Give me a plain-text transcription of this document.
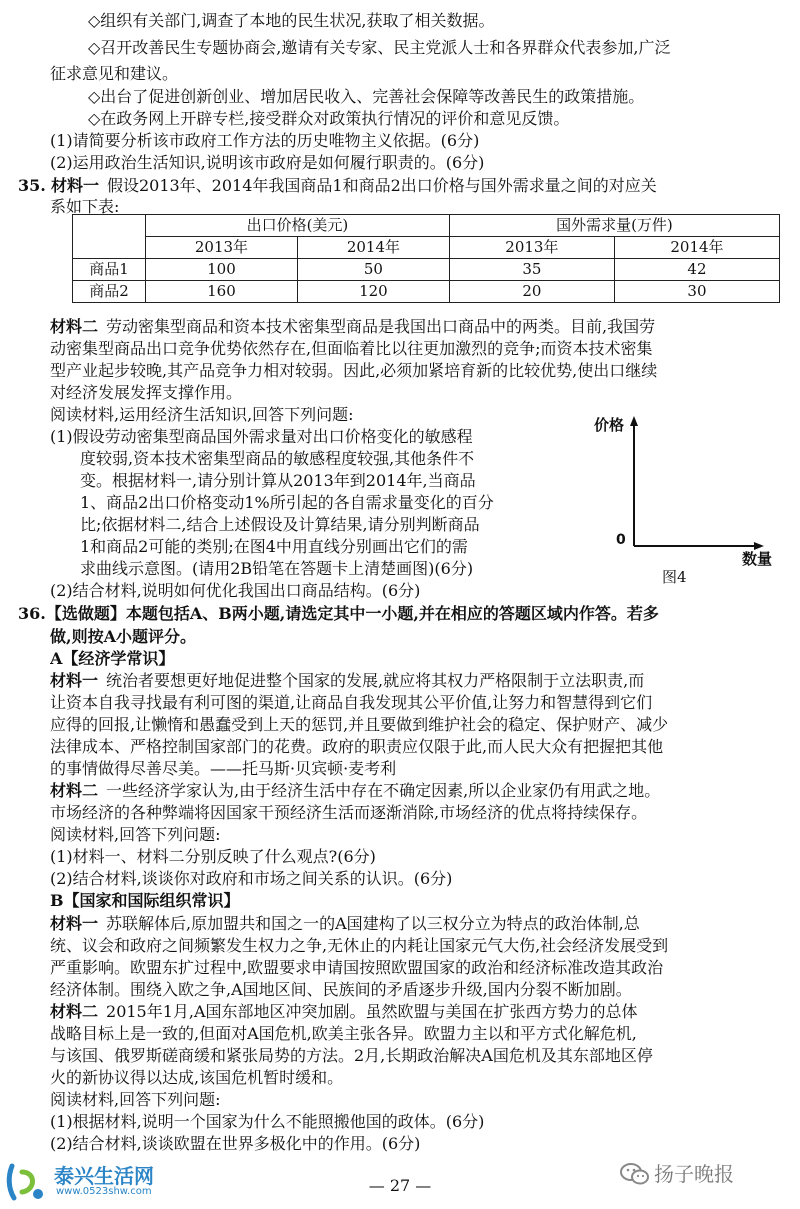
◇组织有关部门,调查了本地的民生状况,获取了相关数据。
◇召开改善民生专题协商会,邀请有关专家、民主党派人士和各界群众代表参加,广泛
征求意见和建议。
◇出台了促进创新创业、增加居民收入、完善社会保障等改善民生的政策措施。
◇在政务网上开辟专栏,接受群众对政策执行情况的评价和意见反馈。
(1)请简要分析该市政府工作方法的历史唯物主义依据。(6分)
(2)运用政治生活知识,说明该市政府是如何履行职责的。(6分)
35. 材料一 假设2013年、2014年我国商品1和商品2出口价格与国外需求量之间的对应关
系如下表:
	出口价格(美元)		国外需求量(万件)	
	2013年	2014年	2013年	2014年
商品1	100	50	35	42
商品2	160	120	20	30
材料二 劳动密集型商品和资本技术密集型商品是我国出口商品中的两类。目前,我国劳
动密集型商品出口竞争优势依然存在,但面临着比以往更加激烈的竞争;而资本技术密集
型产业起步较晚,其产品竞争力相对较弱。因此,必须加紧培育新的比较优势,使出口继续
对经济发展发挥支撑作用。
阅读材料,运用经济生活知识,回答下列问题:
(1)假设劳动密集型商品国外需求量对出口价格变化的敏感程
度较弱,资本技术密集型商品的敏感程度较强,其他条件不
变。根据材料一,请分别计算从2013年到2014年,当商品
1、商品2出口价格变动1%所引起的各自需求量变化的百分
比;依据材料二,结合上述假设及计算结果,请分别判断商品
1和商品2可能的类别;在图4中用直线分别画出它们的需
求曲线示意图。(请用2B铅笔在答题卡上清楚画图)(6分)
(2)结合材料,说明如何优化我国出口商品结构。(6分)
价格
0
数量
图4
36.【选做题】本题包括A、B两小题,请选定其中一小题,并在相应的答题区域内作答。若多
做,则按A小题评分。
A【经济学常识】
材料一 统治者要想更好地促进整个国家的发展,就应将其权力严格限制于立法职责,而
让资本自我寻找最有利可图的渠道,让商品自我发现其公平价值,让努力和智慧得到它们
应得的回报,让懒惰和愚蠢受到上天的惩罚,并且要做到维护社会的稳定、保护财产、减少
法律成本、严格控制国家部门的花费。政府的职责应仅限于此,而人民大众有把握把其他
的事情做得尽善尽美。——托马斯·贝宾顿·麦考利
材料二 一些经济学家认为,由于经济生活中存在不确定因素,所以企业家仍有用武之地。
市场经济的各种弊端将因国家干预经济生活而逐渐消除,市场经济的优点将持续保存。
阅读材料,回答下列问题:
(1)材料一、材料二分别反映了什么观点?(6分)
(2)结合材料,谈谈你对政府和市场之间关系的认识。(6分)
B【国家和国际组织常识】
材料一 苏联解体后,原加盟共和国之一的A国建构了以三权分立为特点的政治体制,总
统、议会和政府之间频繁发生权力之争,无休止的内耗让国家元气大伤,社会经济发展受到
严重影响。欧盟东扩过程中,欧盟要求申请国按照欧盟国家的政治和经济标准改造其政治
经济体制。围绕入欧之争,A国地区间、民族间的矛盾逐步升级,国内分裂不断加剧。
材料二 2015年1月,A国东部地区冲突加剧。虽然欧盟与美国在扩张西方势力的总体
战略目标上是一致的,但面对A国危机,欧美主张各异。欧盟力主以和平方式化解危机,
与该国、俄罗斯磋商缓和紧张局势的方法。2月,长期政治解决A国危机及其东部地区停
火的新协议得以达成,该国危机暂时缓和。
阅读材料,回答下列问题:
(1)根据材料,说明一个国家为什么不能照搬他国的政体。(6分)
(2)结合材料,谈谈欧盟在世界多极化中的作用。(6分)
泰兴生活网
www.0523shw.com	— 27 —	扬子晚报
